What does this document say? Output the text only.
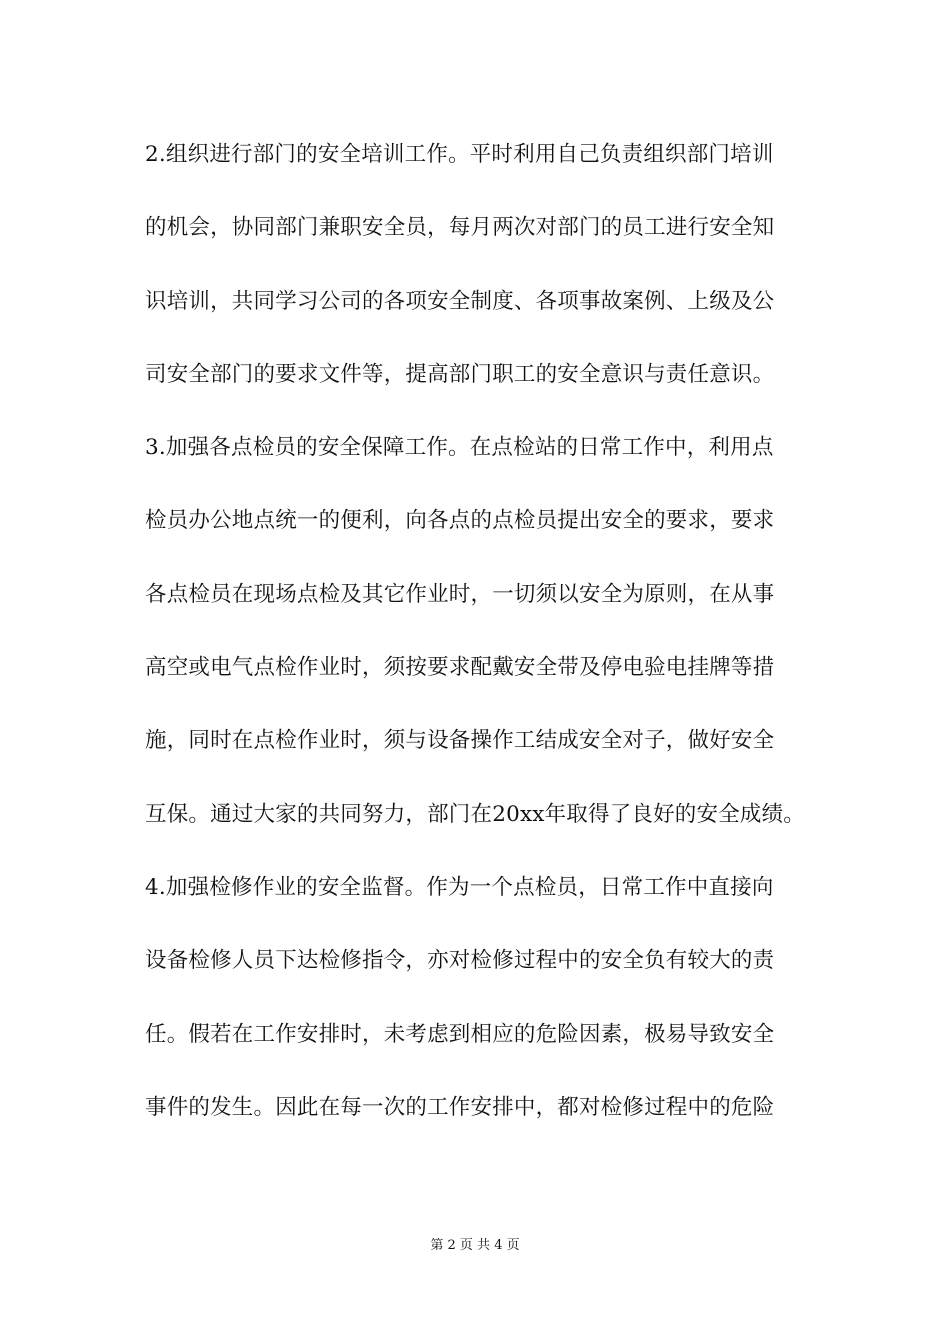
2.组织进行部门的安全培训工作。平时利用自己负责组织部门培训
的机会，协同部门兼职安全员，每月两次对部门的员工进行安全知
识培训，共同学习公司的各项安全制度、各项事故案例、上级及公
司安全部门的要求文件等，提高部门职工的安全意识与责任意识。
3.加强各点检员的安全保障工作。在点检站的日常工作中，利用点
检员办公地点统一的便利，向各点的点检员提出安全的要求，要求
各点检员在现场点检及其它作业时，一切须以安全为原则，在从事
高空或电气点检作业时，须按要求配戴安全带及停电验电挂牌等措
施，同时在点检作业时，须与设备操作工结成安全对子，做好安全
互保。通过大家的共同努力，部门在20xx年取得了良好的安全成绩。
4.加强检修作业的安全监督。作为一个点检员，日常工作中直接向
设备检修人员下达检修指令，亦对检修过程中的安全负有较大的责
任。假若在工作安排时，未考虑到相应的危险因素，极易导致安全
事件的发生。因此在每一次的工作安排中，都对检修过程中的危险
第 2 页 共 4 页
